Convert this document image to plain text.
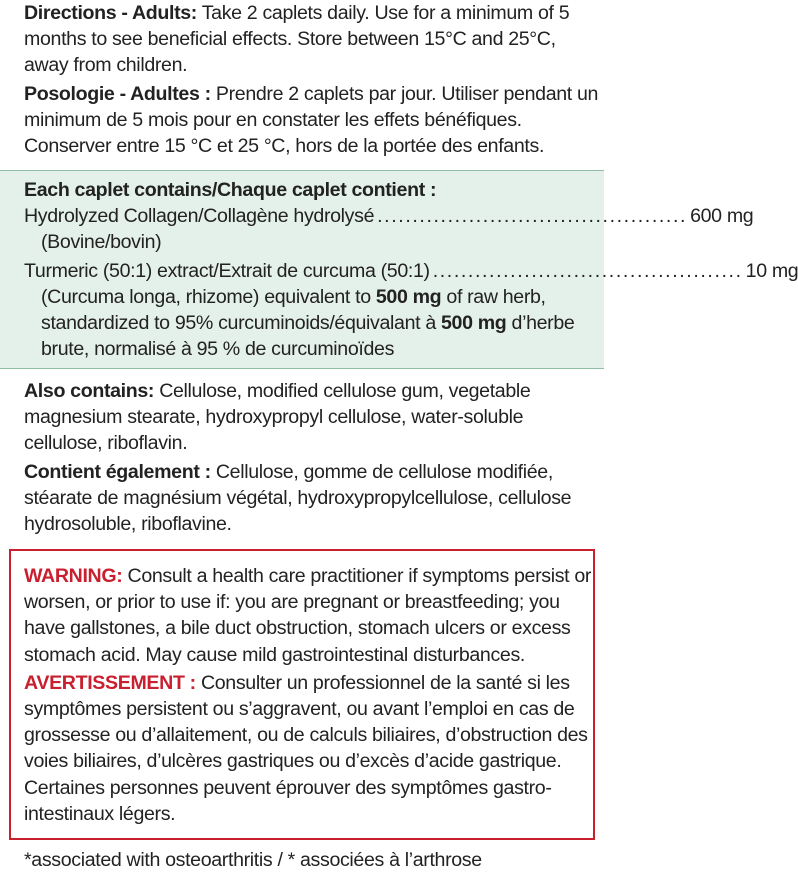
Directions - Adults: Take 2 caplets daily. Use for a minimum of 5 months to see beneficial effects. Store between 15°C and 25°C, away from children.

Posologie - Adultes : Prendre 2 caplets par jour. Utiliser pendant un minimum de 5 mois pour en constater les effets bénéfiques. Conserver entre 15 °C et 25 °C, hors de la portée des enfants.

Each caplet contains/Chaque caplet contient :

Hydrolyzed Collagen/Collagène hydrolysé ............................................ 600 mg
(Bovine/bovin)
Turmeric (50:1) extract/Extrait de curcuma (50:1) ............................................ 10 mg
(Curcuma longa, rhizome) equivalent to 500 mg of raw herb, standardized to 95% curcuminoids/équivalant à 500 mg d’herbe brute, normalisé à 95 % de curcuminoïdes

Also contains: Cellulose, modified cellulose gum, vegetable magnesium stearate, hydroxypropyl cellulose, water-soluble cellulose, riboflavin.

Contient également : Cellulose, gomme de cellulose modifiée, stéarate de magnésium végétal, hydroxypropylcellulose, cellulose hydrosoluble, riboflavine.

WARNING: Consult a health care practitioner if symptoms persist or worsen, or prior to use if: you are pregnant or breastfeeding; you have gallstones, a bile duct obstruction, stomach ulcers or excess stomach acid. May cause mild gastrointestinal disturbances.

AVERTISSEMENT : Consulter un professionnel de la santé si les symptômes persistent ou s’aggravent, ou avant l’emploi en cas de grossesse ou d’allaitement, ou de calculs biliaires, d’obstruction des voies biliaires, d’ulcères gastriques ou d’excès d’acide gastrique. Certaines personnes peuvent éprouver des symptômes gastro-intestinaux légers.

*associated with osteoarthritis / * associées à l’arthrose
